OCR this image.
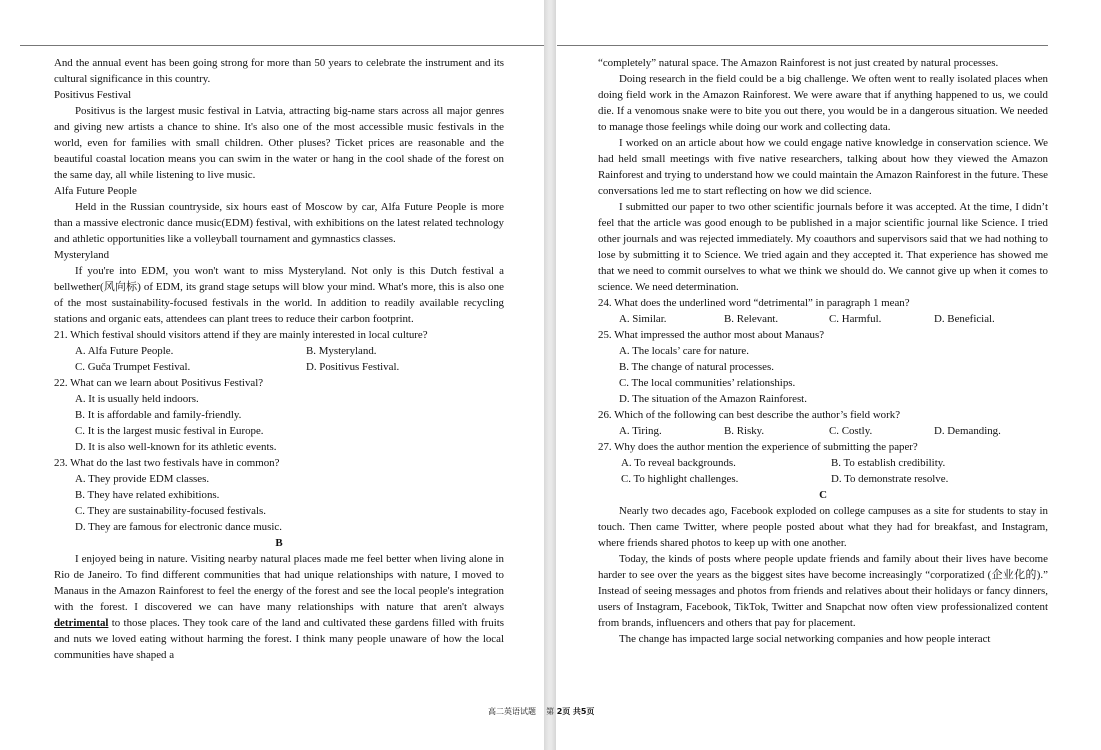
And the annual event has been going strong for more than 50 years to celebrate the instrument and its cultural significance in this country.

Positivus Festival

Positivus is the largest music festival in Latvia, attracting big-name stars across all major genres and giving new artists a chance to shine. It's also one of the most accessible music festivals in the world, even for families with small children. Other pluses? Ticket prices are reasonable and the beautiful coastal location means you can swim in the water or hang in the cool shade of the forest on the same day, all while listening to live music.

Alfa Future People

Held in the Russian countryside, six hours east of Moscow by car, Alfa Future People is more than a massive electronic dance music(EDM) festival, with exhibitions on the latest related technology and athletic opportunities like a volleyball tournament and gymnastics classes.

Mysteryland

If you're into EDM, you won't want to miss Mysteryland. Not only is this Dutch festival a bellwether(风向标) of EDM, its grand stage setups will blow your mind. What's more, this is also one of the most sustainability-focused festivals in the world. In addition to readily available recycling stations and organic eats, attendees can plant trees to reduce their carbon footprint.

21. Which festival should visitors attend if they are mainly interested in local culture?

A. Alfa Future People.	B. Mysteryland.
C. Guča Trumpet Festival.	D. Positivus Festival.

22. What can we learn about Positivus Festival?

A. It is usually held indoors.
B. It is affordable and family-friendly.
C. It is the largest music festival in Europe.
D. It is also well-known for its athletic events.

23. What do the last two festivals have in common?

A. They provide EDM classes.
B. They have related exhibitions.
C. They are sustainability-focused festivals.
D. They are famous for electronic dance music.

B

I enjoyed being in nature. Visiting nearby natural places made me feel better when living alone in Rio de Janeiro. To find different communities that had unique relationships with nature, I moved to Manaus in the Amazon Rainforest to feel the energy of the forest and see the local people's integration with the forest. I discovered we can have many relationships with nature that aren't always detrimental to those places. They took care of the land and cultivated these gardens filled with fruits and nuts we loved eating without harming the forest. I think many people unaware of how the local communities have shaped a

“completely” natural space. The Amazon Rainforest is not just created by natural processes.

Doing research in the field could be a big challenge. We often went to really isolated places when doing field work in the Amazon Rainforest. We were aware that if anything happened to us, we could die. If a venomous snake were to bite you out there, you would be in a dangerous situation. We needed to manage those feelings while doing our work and collecting data.

I worked on an article about how we could engage native knowledge in conservation science. We had held small meetings with five native researchers, talking about how they viewed the Amazon Rainforest and trying to understand how we could maintain the Amazon Rainforest in the future. These conversations led me to start reflecting on how we did science.

I submitted our paper to two other scientific journals before it was accepted. At the time, I didn’t feel that the article was good enough to be published in a major scientific journal like Science. I tried other journals and was rejected immediately. My coauthors and supervisors said that we had nothing to lose by submitting it to Science. We tried again and they accepted it. That experience has showed me that we need to commit ourselves to what we think we should do. We cannot give up when it comes to science. We need determination.

24. What does the underlined word “detrimental” in paragraph 1 mean?

A. Similar.	B. Relevant.	C. Harmful.	D. Beneficial.

25. What impressed the author most about Manaus?

A. The locals’ care for nature.
B. The change of natural processes.
C. The local communities’ relationships.
D. The situation of the Amazon Rainforest.

26. Which of the following can best describe the author’s field work?

A. Tiring.	B. Risky.	C. Costly.	D. Demanding.

27. Why does the author mention the experience of submitting the paper?

A. To reveal backgrounds.	B. To establish credibility.
C. To highlight challenges.	D. To demonstrate resolve.

C

Nearly two decades ago, Facebook exploded on college campuses as a site for students to stay in touch. Then came Twitter, where people posted about what they had for breakfast, and Instagram, where friends shared photos to keep up with one another.

Today, the kinds of posts where people update friends and family about their lives have become harder to see over the years as the biggest sites have become increasingly “corporatized (企业化的).” Instead of seeing messages and photos from friends and relatives about their holidays or fancy dinners, users of Instagram, Facebook, TikTok, Twitter and Snapchat now often view professionalized content from brands, influencers and others that pay for placement.

The change has impacted large social networking companies and how people interact

高二英语试题 第 2页 共5页
